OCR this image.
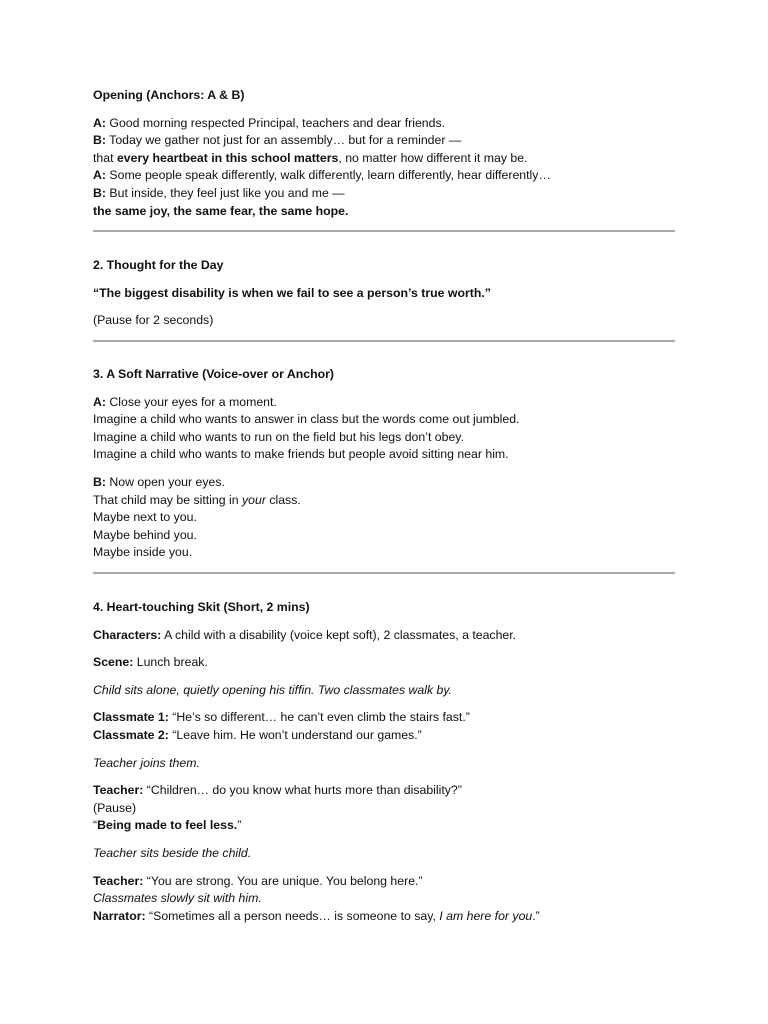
Opening (Anchors: A & B)

A: Good morning respected Principal, teachers and dear friends.

B: Today we gather not just for an assembly… but for a reminder —

that every heartbeat in this school matters, no matter how different it may be.

A: Some people speak differently, walk differently, learn differently, hear differently…

B: But inside, they feel just like you and me —

the same joy, the same fear, the same hope.

2. Thought for the Day

“The biggest disability is when we fail to see a person’s true worth.”

(Pause for 2 seconds)

3. A Soft Narrative (Voice-over or Anchor)

A: Close your eyes for a moment.

Imagine a child who wants to answer in class but the words come out jumbled.

Imagine a child who wants to run on the field but his legs don’t obey.

Imagine a child who wants to make friends but people avoid sitting near him.

B: Now open your eyes.

That child may be sitting in your class.

Maybe next to you.

Maybe behind you.

Maybe inside you.

4. Heart-touching Skit (Short, 2 mins)

Characters: A child with a disability (voice kept soft), 2 classmates, a teacher.

Scene: Lunch break.

Child sits alone, quietly opening his tiffin. Two classmates walk by.

Classmate 1: “He’s so different… he can’t even climb the stairs fast.”

Classmate 2: “Leave him. He won’t understand our games.”

Teacher joins them.

Teacher: “Children… do you know what hurts more than disability?”

(Pause)

“Being made to feel less.”

Teacher sits beside the child.

Teacher: “You are strong. You are unique. You belong here.”

Classmates slowly sit with him.

Narrator: “Sometimes all a person needs… is someone to say, I am here for you.”
